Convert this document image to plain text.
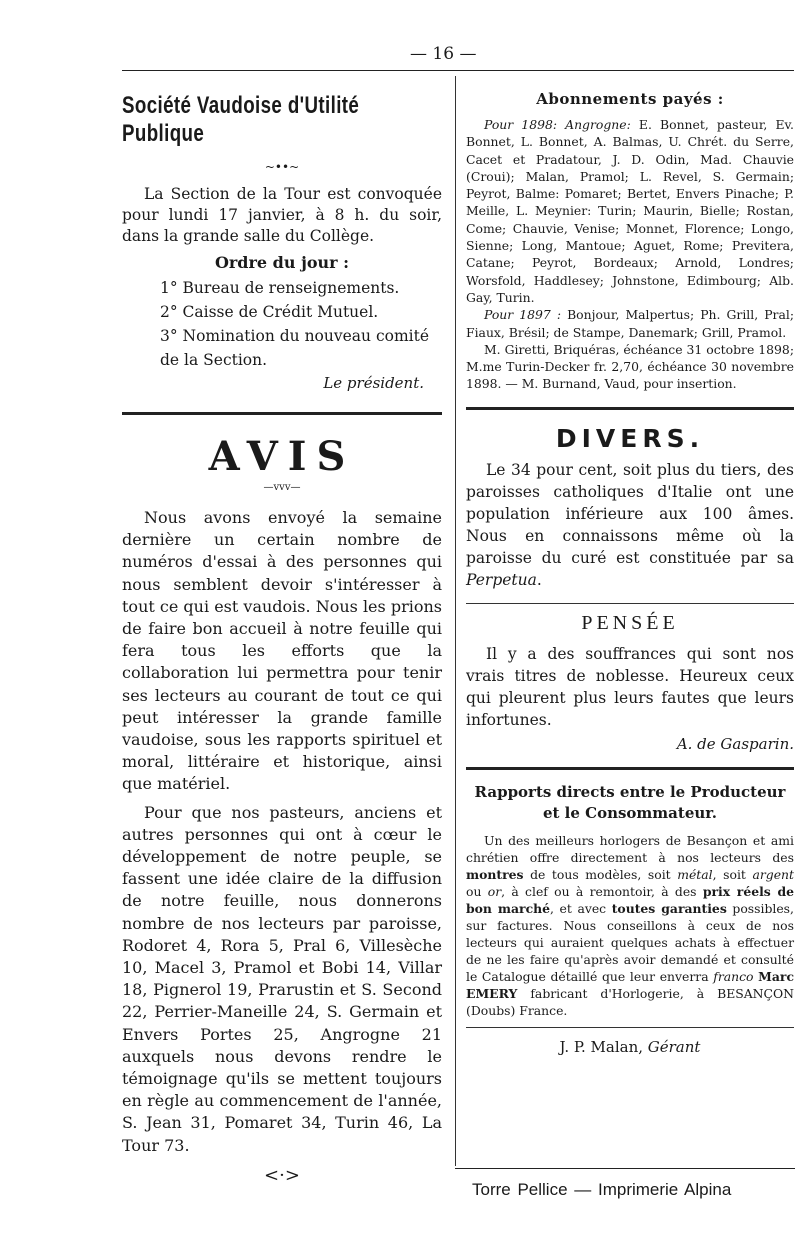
— 16 —
Société Vaudoise d'Utilité Publique
~••~

La Section de la Tour est convoquée pour lundi 17 janvier, à 8 h. du soir, dans la grande salle du Collège.

Ordre du jour :
1° Bureau de renseignements.
2° Caisse de Crédit Mutuel.
3° Nomination du nouveau comité de la Section.
Le président.
AVIS
—vvv—

Nous avons envoyé la semaine dernière un certain nombre de numéros d'essai à des personnes qui nous semblent devoir s'intéresser à tout ce qui est vaudois. Nous les prions de faire bon accueil à notre feuille qui fera tous les efforts que la collaboration lui permettra pour tenir ses lecteurs au courant de tout ce qui peut intéresser la grande famille vaudoise, sous les rapports spirituel et moral, littéraire et historique, ainsi que matériel.

Pour que nos pasteurs, anciens et autres personnes qui ont à cœur le développement de notre peuple, se fassent une idée claire de la diffusion de notre feuille, nous donnerons nombre de nos lecteurs par paroisse, Rodoret 4, Rora 5, Pral 6, Villesèche 10, Macel 3, Pramol et Bobi 14, Villar 18, Pignerol 19, Prarustin et S. Second 22, Perrier-Maneille 24, S. Germain et Envers Portes 25, Angrogne 21 auxquels nous devons rendre le témoignage qu'ils se mettent toujours en règle au commencement de l'année, S. Jean 31, Pomaret 34, Turin 46, La Tour 73.

<·>
Abonnements payés :

Pour 1898: Angrogne: E. Bonnet, pasteur, Ev. Bonnet, L. Bonnet, A. Balmas, U. Chrét. du Serre, Cacet et Pradatour, J. D. Odin, Mad. Chauvie (Croui); Malan, Pramol; L. Revel, S. Germain; Peyrot, Balme: Pomaret; Bertet, Envers Pinache; P. Meille, L. Meynier: Turin; Maurin, Bielle; Rostan, Come; Chauvie, Venise; Monnet, Florence; Longo, Sienne; Long, Mantoue; Aguet, Rome; Previtera, Catane; Peyrot, Bordeaux; Arnold, Londres; Worsfold, Haddlesey; Johnstone, Edimbourg; Alb. Gay, Turin.

Pour 1897 : Bonjour, Malpertus; Ph. Grill, Pral; Fiaux, Brésil; de Stampe, Danemark; Grill, Pramol.

M. Giretti, Briquéras, échéance 31 octobre 1898; M.me Turin-Decker fr. 2,70, échéance 30 novembre 1898. — M. Burnand, Vaud, pour insertion.

DIVERS.

Le 34 pour cent, soit plus du tiers, des paroisses catholiques d'Italie ont une population inférieure aux 100 âmes. Nous en connaissons même où la paroisse du curé est constituée par sa Perpetua.

PENSÉE

Il y a des souffrances qui sont nos vrais titres de noblesse. Heureux ceux qui pleurent plus leurs fautes que leurs infortunes.

A. de Gasparin.
Rapports directs entre le Producteur et le Consommateur.

Un des meilleurs horlogers de Besançon et ami chrétien offre directement à nos lecteurs des montres de tous modèles, soit métal, soit argent ou or, à clef ou à remontoir, à des prix réels de bon marché, et avec toutes garanties possibles, sur factures. Nous conseillons à ceux de nos lecteurs qui auraient quelques achats à effectuer de ne les faire qu'après avoir demandé et consulté le Catalogue détaillé que leur enverra franco Marc EMERY fabricant d'Horlogerie, à BESANÇON (Doubs) France.

J. P. Malan, Gérant
Torre Pellice — Imprimerie Alpina
